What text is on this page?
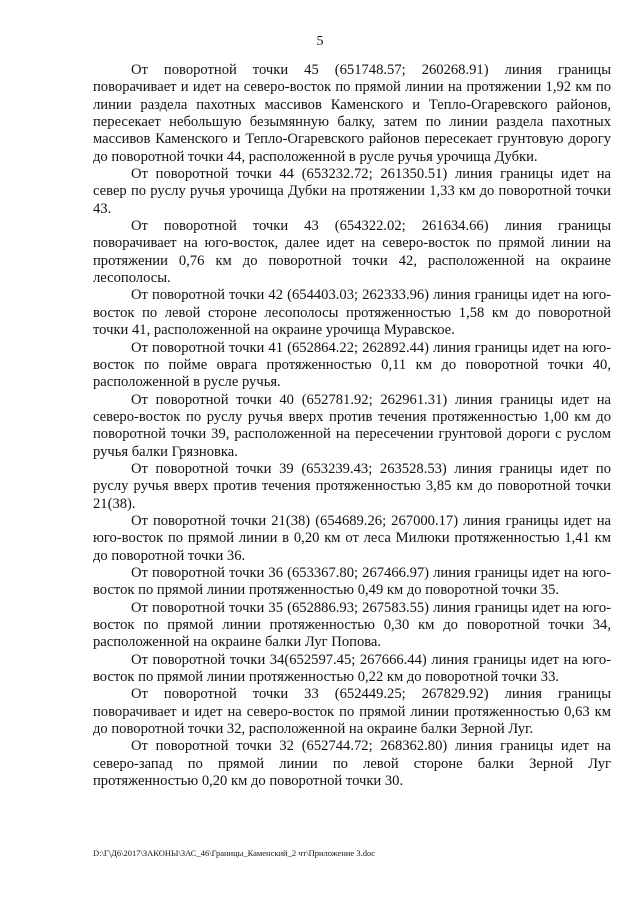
5

От поворотной точки 45 (651748.57; 260268.91) линия границы поворачивает и идет на северо-восток по прямой линии на протяжении 1,92 км по линии раздела пахотных массивов Каменского и Тепло-Огаревского районов, пересекает небольшую безымянную балку, затем по линии раздела пахотных массивов Каменского и Тепло-Огаревского районов пересекает грунтовую дорогу до поворотной точки 44, расположенной в русле ручья урочища Дубки.

От поворотной точки 44 (653232.72; 261350.51) линия границы идет на север по руслу ручья урочища Дубки на протяжении 1,33 км до поворотной точки 43.

От поворотной точки 43 (654322.02; 261634.66) линия границы поворачивает на юго-восток, далее идет на северо-восток по прямой линии на протяжении 0,76 км до поворотной точки 42, расположенной на окраине лесополосы.

От поворотной точки 42 (654403.03; 262333.96) линия границы идет на юго-восток по левой стороне лесополосы протяженностью 1,58 км до поворотной точки 41, расположенной на окраине урочища Муравское.

От поворотной точки 41 (652864.22; 262892.44) линия границы идет на юго-восток по пойме оврага протяженностью 0,11 км до поворотной точки 40, расположенной в русле ручья.

От поворотной точки 40 (652781.92; 262961.31) линия границы идет на северо-восток по руслу ручья вверх против течения протяженностью 1,00 км до поворотной точки 39, расположенной на пересечении грунтовой дороги с руслом ручья балки Грязновка.

От поворотной точки 39 (653239.43; 263528.53) линия границы идет по руслу ручья вверх против течения протяженностью 3,85 км до поворотной точки 21(38).

От поворотной точки 21(38) (654689.26; 267000.17) линия границы идет на юго-восток по прямой линии в 0,20 км от леса Милюки протяженностью 1,41 км до поворотной точки 36.

От поворотной точки 36 (653367.80; 267466.97) линия границы идет на юго-восток по прямой линии протяженностью 0,49 км до поворотной точки 35.

От поворотной точки 35 (652886.93; 267583.55) линия границы идет на юго-восток по прямой линии протяженностью 0,30 км до поворотной точки 34, расположенной на окраине балки Луг Попова.

От поворотной точки 34(652597.45; 267666.44) линия границы идет на юго-восток по прямой линии протяженностью 0,22 км до поворотной точки 33.

От поворотной точки 33 (652449.25; 267829.92) линия границы поворачивает и идет на северо-восток по прямой линии протяженностью 0,63 км до поворотной точки 32, расположенной на окраине балки Зерной Луг.

От поворотной точки 32 (652744.72; 268362.80) линия границы идет на северо-запад по прямой линии по левой стороне балки Зерной Луг протяженностью 0,20 км до поворотной точки 30.

D:\Г\Д6\2017\ЗАКОНЫ\ЗАС_46\Границы_Каменский_2 чт\Приложение 3.doc
